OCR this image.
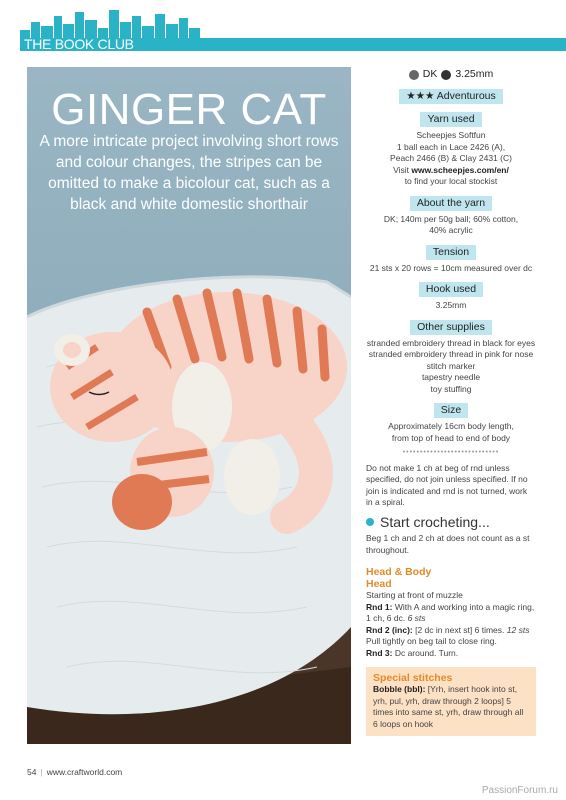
THE BOOK CLUB
GINGER CAT
A more intricate project involving short rows and colour changes, the stripes can be omitted to make a bicolour cat, such as a black and white domestic shorthair
DK 3.25mm
★★★ Adventurous
Yarn used
Scheepjes Softfun
1 ball each in Lace 2426 (A),
Peach 2466 (B) & Clay 2431 (C)
Visit www.scheepjes.com/en/
to find your local stockist
About the yarn
DK; 140m per 50g ball; 60% cotton,
40% acrylic
Tension
21 sts x 20 rows = 10cm measured over dc
Hook used
3.25mm
Other supplies
stranded embroidery thread in black for eyes
stranded embroidery thread in pink for nose
stitch marker
tapestry needle
toy stuffing
Size
Approximately 16cm body length,
from top of head to end of body
••••••••••••••••••••••••••••
Do not make 1 ch at beg of rnd unless specified, do not join unless specified. If no join is indicated and rnd is not turned, work in a spiral.
Start crocheting...
Beg 1 ch and 2 ch at does not count as a st throughout.
Head & Body
Head
Starting at front of muzzle
Rnd 1: With A and working into a magic ring, 1 ch, 6 dc. 6 sts
Rnd 2 (inc): [2 dc in next st] 6 times. 12 sts
Pull tightly on beg tail to close ring.
Rnd 3: Dc around. Turn.
Special stitches
Bobble (bbl): [Yrh, insert hook into st, yrh, pul, yrh, draw through 2 loops] 5 times into same st, yrh, draw through all 6 loops on hook
54 | www.craftworld.com
PassionForum.ru
